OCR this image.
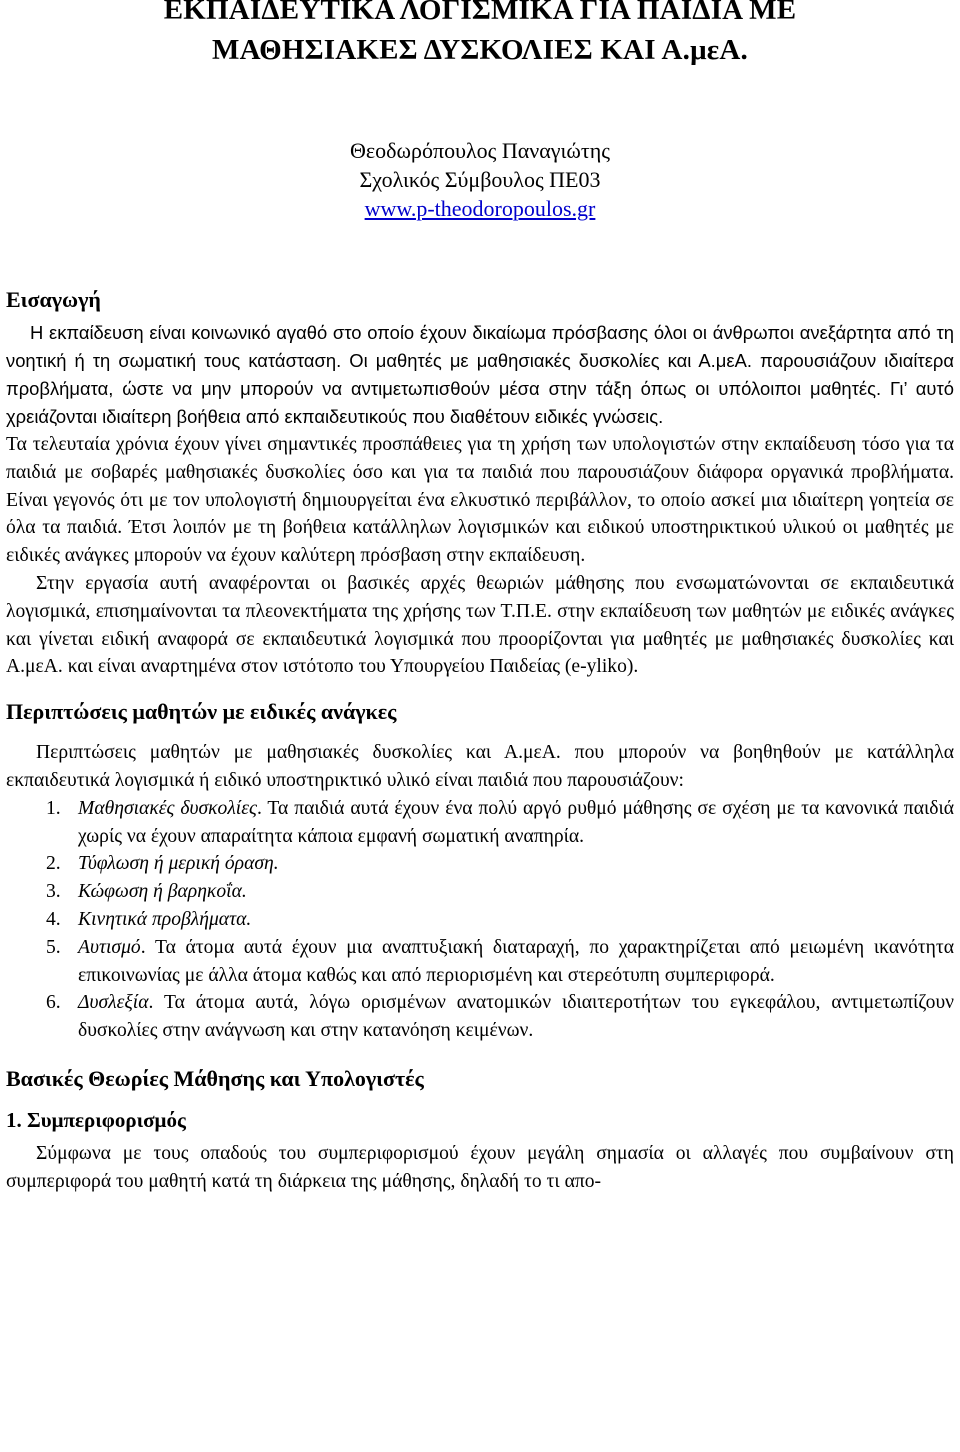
ΕΚΠΑΙΔΕΥΤΙΚΑ ΛΟΓΙΣΜΙΚΑ ΓΙΑ ΠΑΙΔΙΑ ΜΕ
ΜΑΘΗΣΙΑΚΕΣ ΔΥΣΚΟΛΙΕΣ ΚΑΙ Α.μεΑ.
Θεοδωρόπουλος Παναγιώτης
Σχολικός Σύμβουλος ΠΕ03
www.p-theodoropoulos.gr
Εισαγωγή

Η εκπαίδευση είναι κοινωνικό αγαθό στο οποίο έχουν δικαίωμα πρόσβασης όλοι οι άνθρωποι ανεξάρτητα από τη νοητική ή τη σωματική τους κατάσταση. Οι μαθητές με μαθησιακές δυσκολίες και Α.μεΑ. παρουσιάζουν ιδιαίτερα προβλήματα, ώστε να μην μπορούν να αντιμετωπισθούν μέσα στην τάξη όπως οι υπόλοιποι μαθητές. Γι’ αυτό χρειάζονται ιδιαίτερη βοήθεια από εκπαιδευτικούς που διαθέτουν ειδικές γνώσεις.

Τα τελευταία χρόνια έχουν γίνει σημαντικές προσπάθειες για τη χρήση των υπολογιστών στην εκπαίδευση τόσο για τα παιδιά με σοβαρές μαθησιακές δυσκολίες όσο και για τα παιδιά που παρουσιάζουν διάφορα οργανικά προβλήματα. Είναι γεγονός ότι με τον υπολογιστή δημιουργείται ένα ελκυστικό περιβάλλον, το οποίο ασκεί μια ιδιαίτερη γοητεία σε όλα τα παιδιά. Έτσι λοιπόν με τη βοήθεια κατάλληλων λογισμικών και ειδικού υποστηρικτικού υλικού οι μαθητές με ειδικές ανάγκες μπορούν να έχουν καλύτερη πρόσβαση στην εκπαίδευση.

Στην εργασία αυτή αναφέρονται οι βασικές αρχές θεωριών μάθησης που ενσωματώνονται σε εκπαιδευτικά λογισμικά, επισημαίνονται τα πλεονεκτήματα της χρήσης των Τ.Π.Ε. στην εκπαίδευση των μαθητών με ειδικές ανάγκες και γίνεται ειδική αναφορά σε εκπαιδευτικά λογισμικά που προορίζονται για μαθητές με μαθησιακές δυσκολίες και Α.μεΑ. και είναι αναρτημένα στον ιστότοπο του Υπουργείου Παιδείας (e-yliko).

Περιπτώσεις μαθητών με ειδικές ανάγκες

Περιπτώσεις μαθητών με μαθησιακές δυσκολίες και Α.μεΑ. που μπορούν να βοηθηθούν με κατάλληλα εκπαιδευτικά λογισμικά ή ειδικό υποστηρικτικό υλικό είναι παιδιά που παρουσιάζουν:

1. Μαθησιακές δυσκολίες. Τα παιδιά αυτά έχουν ένα πολύ αργό ρυθμό μάθησης σε σχέση με τα κανονικά παιδιά χωρίς να έχουν απαραίτητα κάποια εμφανή σωματική αναπηρία.
2. Τύφλωση ή μερική όραση.
3. Κώφωση ή βαρηκοΐα.
4. Κινητικά προβλήματα.
5. Αυτισμό. Τα άτομα αυτά έχουν μια αναπτυξιακή διαταραχή, πο χαρακτηρίζεται από μειωμένη ικανότητα επικοινωνίας με άλλα άτομα καθώς και από περιορισμένη και στερεότυπη συμπεριφορά.
6. Δυσλεξία. Τα άτομα αυτά, λόγω ορισμένων ανατομικών ιδιαιτεροτήτων του εγκεφάλου, αντιμετωπίζουν δυσκολίες στην ανάγνωση και στην κατανόηση κειμένων.
Βασικές Θεωρίες Μάθησης και Υπολογιστές
1. Συμπεριφορισμός

Σύμφωνα με τους οπαδούς του συμπεριφορισμού έχουν μεγάλη σημασία οι αλλαγές που συμβαίνουν στη συμπεριφορά του μαθητή κατά τη διάρκεια της μάθησης, δηλαδή το τι απο-
